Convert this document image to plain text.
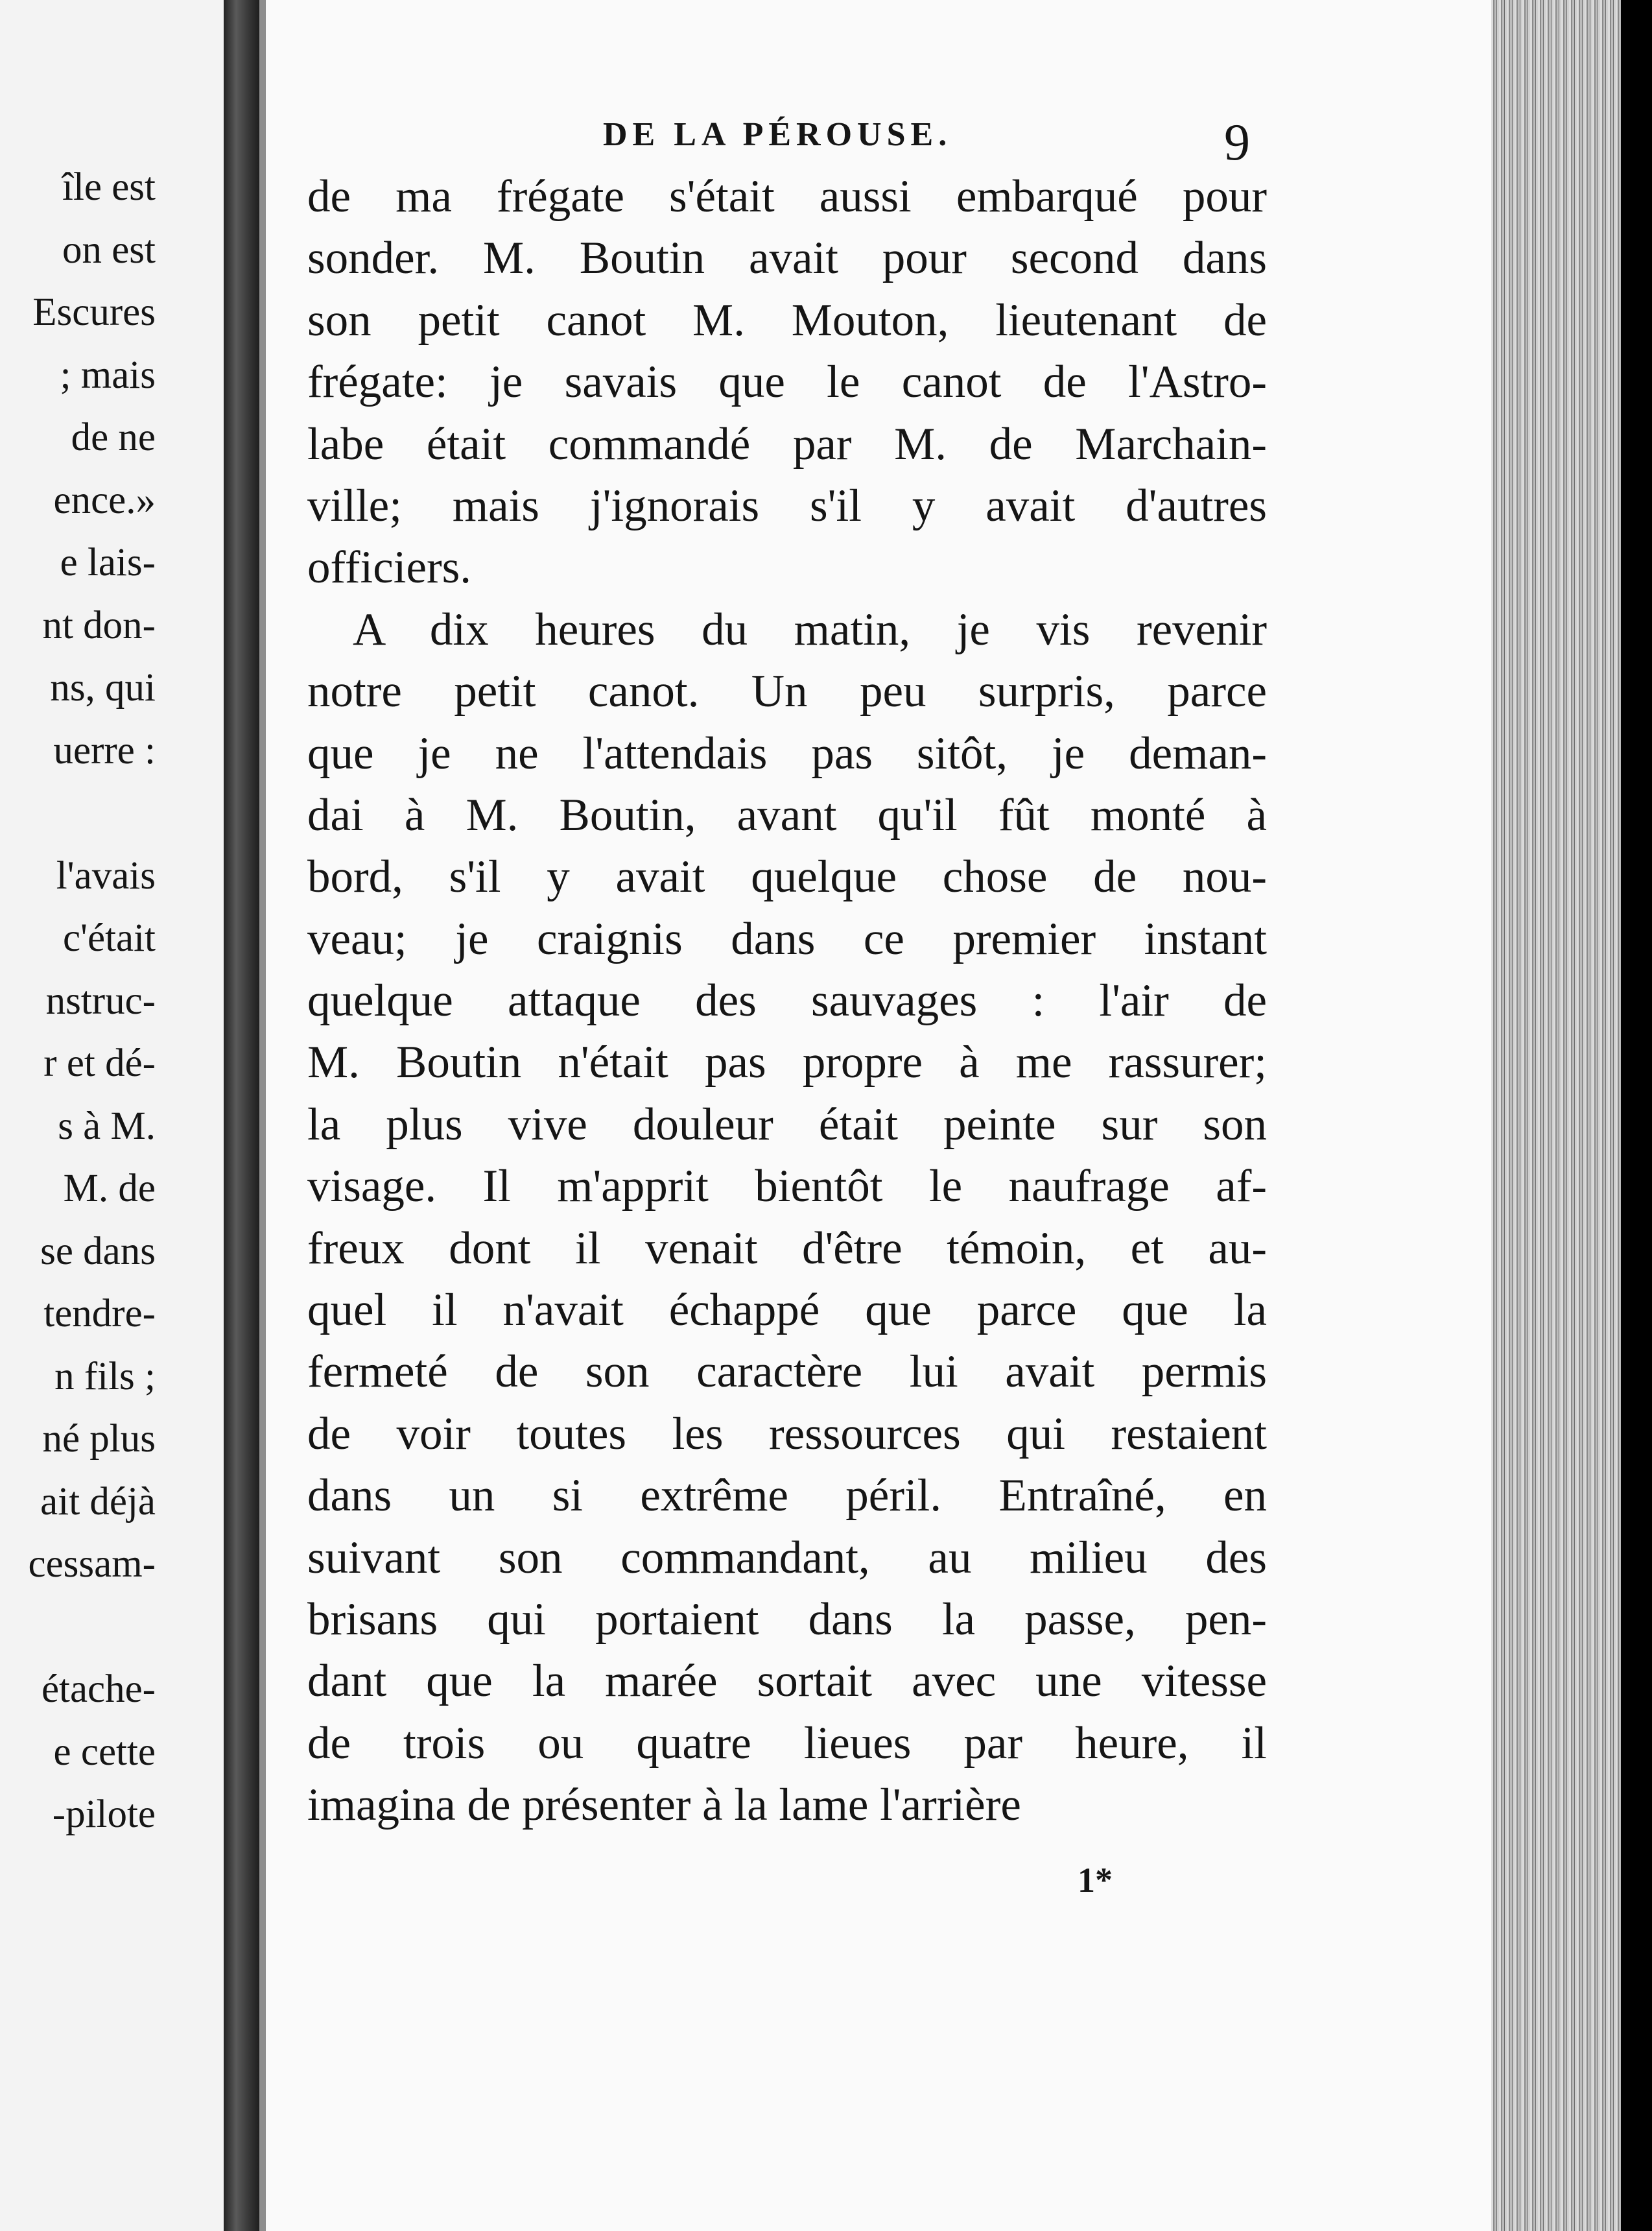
île est
on est
Escures
; mais
de ne
ence.»
e lais-
nt don-
ns, qui
uerre :
l'avais
c'était
nstruc-
r et dé-
s à M.
M. de
se dans
tendre-
n fils ;
né plus
ait déjà
cessam-
étache-
e cette
-pilote
DE LA PÉROUSE.	9
de ma frégate s'était aussi embarqué pour
sonder. M. Boutin avait pour second dans
son petit canot M. Mouton, lieutenant de
frégate: je savais que le canot de l'Astro-
labe était commandé par M. de Marchain-
ville; mais j'ignorais s'il y avait d'autres
officiers.
A dix heures du matin, je vis revenir
notre petit canot. Un peu surpris, parce
que je ne l'attendais pas sitôt, je deman-
dai à M. Boutin, avant qu'il fût monté à
bord, s'il y avait quelque chose de nou-
veau; je craignis dans ce premier instant
quelque attaque des sauvages : l'air de
M. Boutin n'était pas propre à me rassurer;
la plus vive douleur était peinte sur son
visage. Il m'apprit bientôt le naufrage af-
freux dont il venait d'être témoin, et au-
quel il n'avait échappé que parce que la
fermeté de son caractère lui avait permis
de voir toutes les ressources qui restaient
dans un si extrême péril. Entraîné, en
suivant son commandant, au milieu des
brisans qui portaient dans la passe, pen-
dant que la marée sortait avec une vitesse
de trois ou quatre lieues par heure, il
imagina de présenter à la lame l'arrière
1*
